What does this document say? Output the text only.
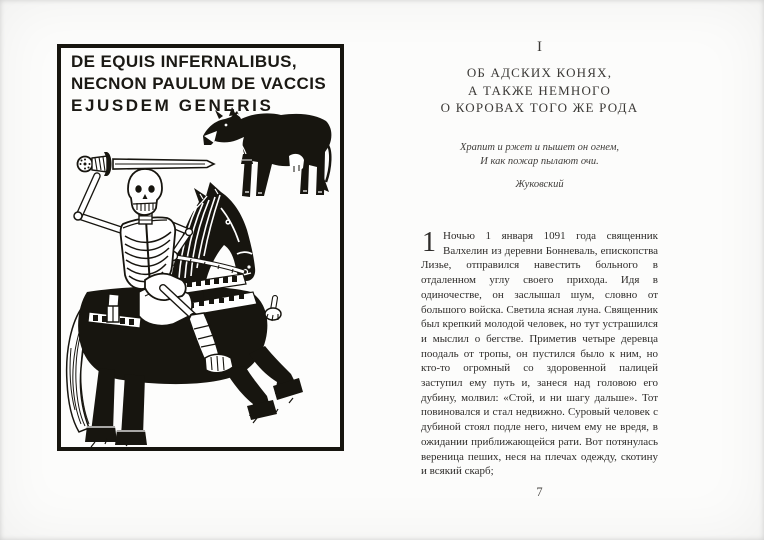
DE EQUIS INFERNALIBUS,
NECNON PAULUM DE VACCIS
EJUSDEM GENERIS
I
ОБ АДСКИХ КОНЯХ,
А ТАКЖЕ НЕМНОГО
О КОРОВАХ ТОГО ЖЕ РОДА
Храпит и ржет и пышет он огнем,
И как пожар пылают очи.
Жуковский
1 Ночью 1 января 1091 года священник Валхелин из деревни Бонневаль, епископства Лизье, отправился навестить больного в отдаленном углу своего прихода. Идя в одиночестве, он заслышал шум, словно от большого войска. Светила ясная луна. Священник был крепкий молодой человек, но тут устрашился и мыслил о бегстве. Приметив четыре деревца поодаль от тропы, он пустился было к ним, но кто-то огромный со здоровенной палицей заступил ему путь и, занеся над головою его дубину, молвил: «Стой, и ни шагу дальше». Тот повиновался и стал недвижно. Суровый человек с дубиной стоял подле него, ничем ему не вредя, в ожидании приближающейся рати. Вот потянулась вереница пеших, неся на плечах одежду, скотину и всякий скарб;
7
